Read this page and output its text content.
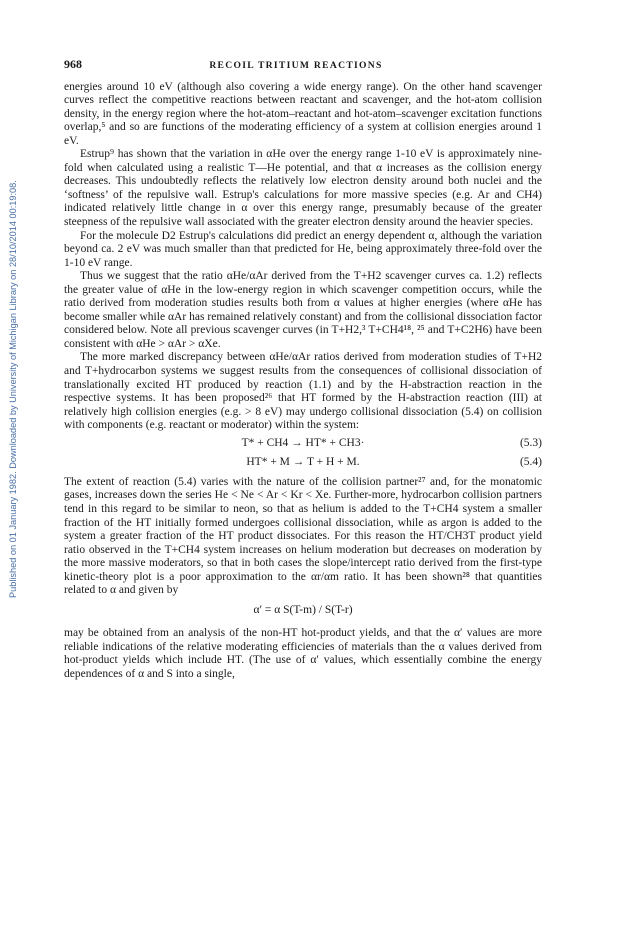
Published on 01 January 1982. Downloaded by University of Michigan Library on 28/10/2014 00:19:08.
968	RECOIL TRITIUM REACTIONS

energies around 10 eV (although also covering a wide energy range). On the other hand scavenger curves reflect the competitive reactions between reactant and scavenger, and the hot-atom collision density, in the energy region where the hot-atom–reactant and hot-atom–scavenger excitation functions overlap,⁵ and so are functions of the moderating efficiency of a system at collision energies around 1 eV.

Estrup⁹ has shown that the variation in αHe over the energy range 1-10 eV is approximately nine-fold when calculated using a realistic T—He potential, and that α increases as the collision energy decreases. This undoubtedly reflects the relatively low electron density around both nuclei and the ‘softness’ of the repulsive wall. Estrup's calculations for more massive species (e.g. Ar and CH4) indicated relatively little change in α over this energy range, presumably because of the greater steepness of the repulsive wall associated with the greater electron density around the heavier species.

For the molecule D2 Estrup's calculations did predict an energy dependent α, although the variation beyond ca. 2 eV was much smaller than that predicted for He, being approximately three-fold over the 1-10 eV range.

Thus we suggest that the ratio αHe/αAr derived from the T+H2 scavenger curves ca. 1.2) reflects the greater value of αHe in the low-energy region in which scavenger competition occurs, while the ratio derived from moderation studies results both from α values at higher energies (where αHe has become smaller while αAr has remained relatively constant) and from the collisional dissociation factor considered below. Note all previous scavenger curves (in T+H2,³ T+CH4¹⁸, ²⁵ and T+C2H6) have been consistent with αHe > αAr > αXe.

The more marked discrepancy between αHe/αAr ratios derived from moderation studies of T+H2 and T+hydrocarbon systems we suggest results from the consequences of collisional dissociation of translationally excited HT produced by reaction (1.1) and by the H-abstraction reaction in the respective systems. It has been proposed²⁶ that HT formed by the H-abstraction reaction (III) at relatively high collision energies (e.g. > 8 eV) may undergo collisional dissociation (5.4) on collision with components (e.g. reactant or moderator) within the system:

T* + CH4 → HT* + CH3·	(5.3)
HT* + M → T + H + M.	(5.4)

The extent of reaction (5.4) varies with the nature of the collision partner²⁷ and, for the monatomic gases, increases down the series He < Ne < Ar < Kr < Xe. Further-more, hydrocarbon collision partners tend in this regard to be similar to neon, so that as helium is added to the T+CH4 system a smaller fraction of the HT initially formed undergoes collisional dissociation, while as argon is added to the system a greater fraction of the HT product dissociates. For this reason the HT/CH3T product yield ratio observed in the T+CH4 system increases on helium moderation but decreases on moderation by the more massive moderators, so that in both cases the slope/intercept ratio derived from the first-type kinetic-theory plot is a poor approximation to the αr/αm ratio. It has been shown²⁸ that quantities related to α and given by

α′ = α S(T-m) / S(T-r)

may be obtained from an analysis of the non-HT hot-product yields, and that the α′ values are more reliable indications of the relative moderating efficiencies of materials than the α values derived from hot-product yields which include HT. (The use of α′ values, which essentially combine the energy dependences of α and S into a single,
